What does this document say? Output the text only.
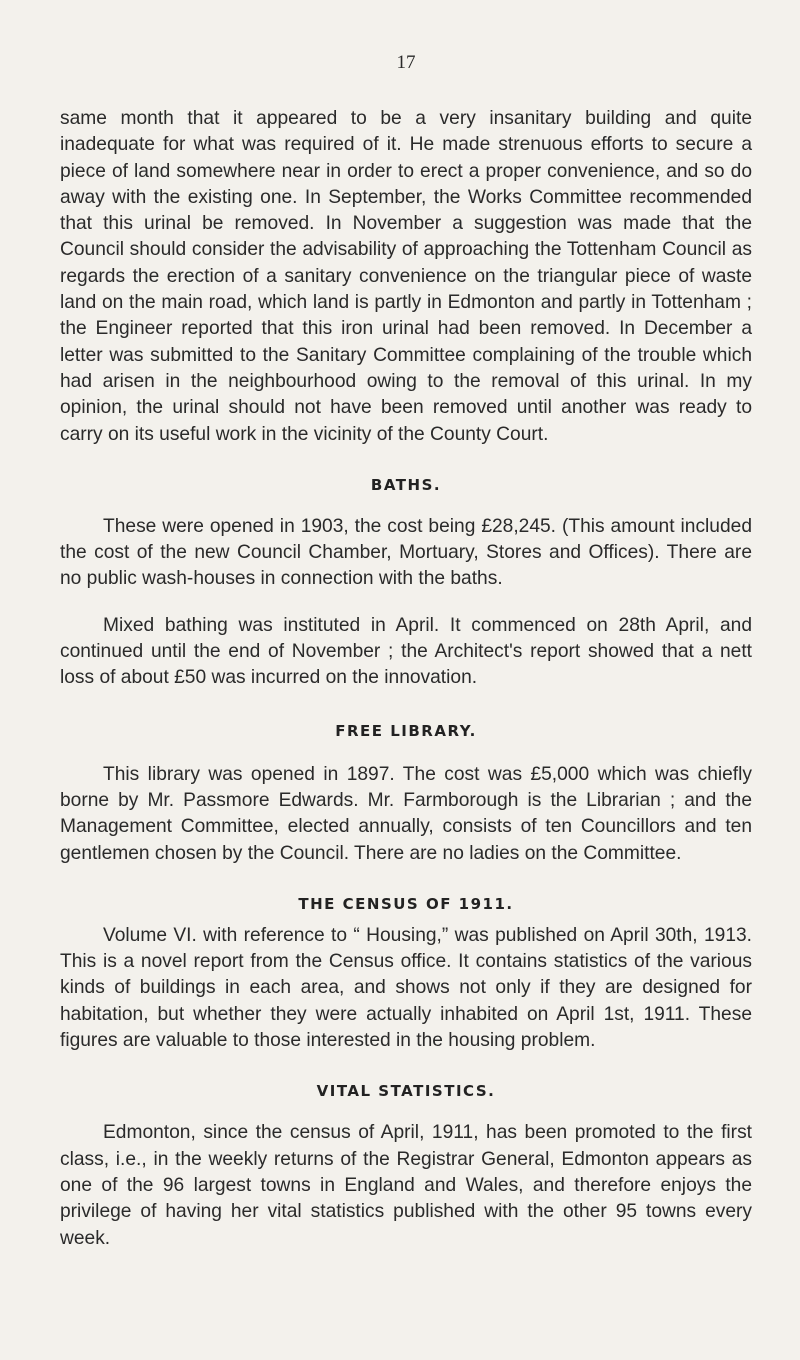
17

same month that it appeared to be a very insanitary building and quite inadequate for what was required of it. He made strenuous efforts to secure a piece of land somewhere near in order to erect a proper convenience, and so do away with the existing one. In September, the Works Committee recommended that this urinal be removed. In November a suggestion was made that the Council should consider the advisability of approaching the Tottenham Council as regards the erection of a sanitary convenience on the triangular piece of waste land on the main road, which land is partly in Edmonton and partly in Tottenham ; the Engineer reported that this iron urinal had been removed. In December a letter was submitted to the Sanitary Committee complaining of the trouble which had arisen in the neighbourhood owing to the removal of this urinal. In my opinion, the urinal should not have been removed until another was ready to carry on its useful work in the vicinity of the County Court.

BATHS.

These were opened in 1903, the cost being £28,245. (This amount included the cost of the new Council Chamber, Mortuary, Stores and Offices). There are no public wash-houses in connection with the baths.

Mixed bathing was instituted in April. It commenced on 28th April, and continued until the end of November ; the Architect's report showed that a nett loss of about £50 was incurred on the innovation.

FREE LIBRARY.

This library was opened in 1897. The cost was £5,000 which was chiefly borne by Mr. Passmore Edwards. Mr. Farmborough is the Librarian ; and the Management Committee, elected annually, consists of ten Councillors and ten gentlemen chosen by the Council. There are no ladies on the Committee.

THE CENSUS OF 1911.

Volume VI. with reference to “ Housing,” was published on April 30th, 1913. This is a novel report from the Census office. It contains statistics of the various kinds of buildings in each area, and shows not only if they are designed for habitation, but whether they were actually inhabited on April 1st, 1911. These figures are valuable to those interested in the housing problem.

VITAL STATISTICS.

Edmonton, since the census of April, 1911, has been promoted to the first class, i.e., in the weekly returns of the Registrar General, Edmonton appears as one of the 96 largest towns in England and Wales, and therefore enjoys the privilege of having her vital statistics published with the other 95 towns every week.
